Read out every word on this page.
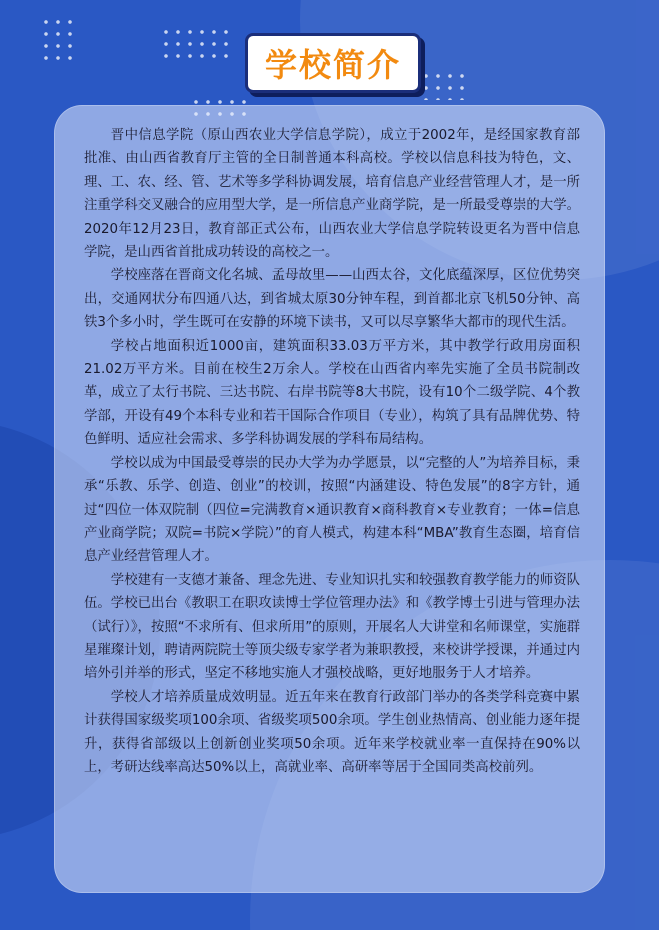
学校简介

晋中信息学院（原山西农业大学信息学院），成立于2002年，是经国家教育部批准、由山西省教育厅主管的全日制普通本科高校。学校以信息科技为特色，文、理、工、农、经、管、艺术等多学科协调发展，培育信息产业经营管理人才，是一所注重学科交叉融合的应用型大学，是一所信息产业商学院，是一所最受尊崇的大学。2020年12月23日，教育部正式公布，山西农业大学信息学院转设更名为晋中信息学院，是山西省首批成功转设的高校之一。

学校座落在晋商文化名城、孟母故里——山西太谷，文化底蕴深厚，区位优势突出，交通网状分布四通八达，到省城太原30分钟车程，到首都北京飞机50分钟、高铁3个多小时，学生既可在安静的环境下读书，又可以尽享繁华大都市的现代生活。

学校占地面积近1000亩，建筑面积33.03万平方米，其中教学行政用房面积21.02万平方米。目前在校生2万余人。学校在山西省内率先实施了全员书院制改革，成立了太行书院、三达书院、右岸书院等8大书院，设有10个二级学院、4个教学部，开设有49个本科专业和若干国际合作项目（专业），构筑了具有品牌优势、特色鲜明、适应社会需求、多学科协调发展的学科布局结构。

学校以成为中国最受尊崇的民办大学为办学愿景，以“完整的人”为培养目标，秉承“乐教、乐学、创造、创业”的校训，按照“内涵建设、特色发展”的8字方针，通过“四位一体双院制（四位=完满教育×通识教育×商科教育×专业教育；一体=信息产业商学院；双院=书院×学院）”的育人模式，构建本科“MBA”教育生态圈，培育信息产业经营管理人才。

学校建有一支德才兼备、理念先进、专业知识扎实和较强教育教学能力的师资队伍。学校已出台《教职工在职攻读博士学位管理办法》和《教学博士引进与管理办法（试行）》，按照“不求所有、但求所用”的原则，开展名人大讲堂和名师课堂，实施群星璀璨计划，聘请两院院士等顶尖级专家学者为兼职教授，来校讲学授课，并通过内培外引并举的形式，坚定不移地实施人才强校战略，更好地服务于人才培养。

学校人才培养质量成效明显。近五年来在教育行政部门举办的各类学科竞赛中累计获得国家级奖项100余项、省级奖项500余项。学生创业热情高、创业能力逐年提升，获得省部级以上创新创业奖项50余项。近年来学校就业率一直保持在90%以上，考研达线率高达50%以上，高就业率、高研率等居于全国同类高校前列。
